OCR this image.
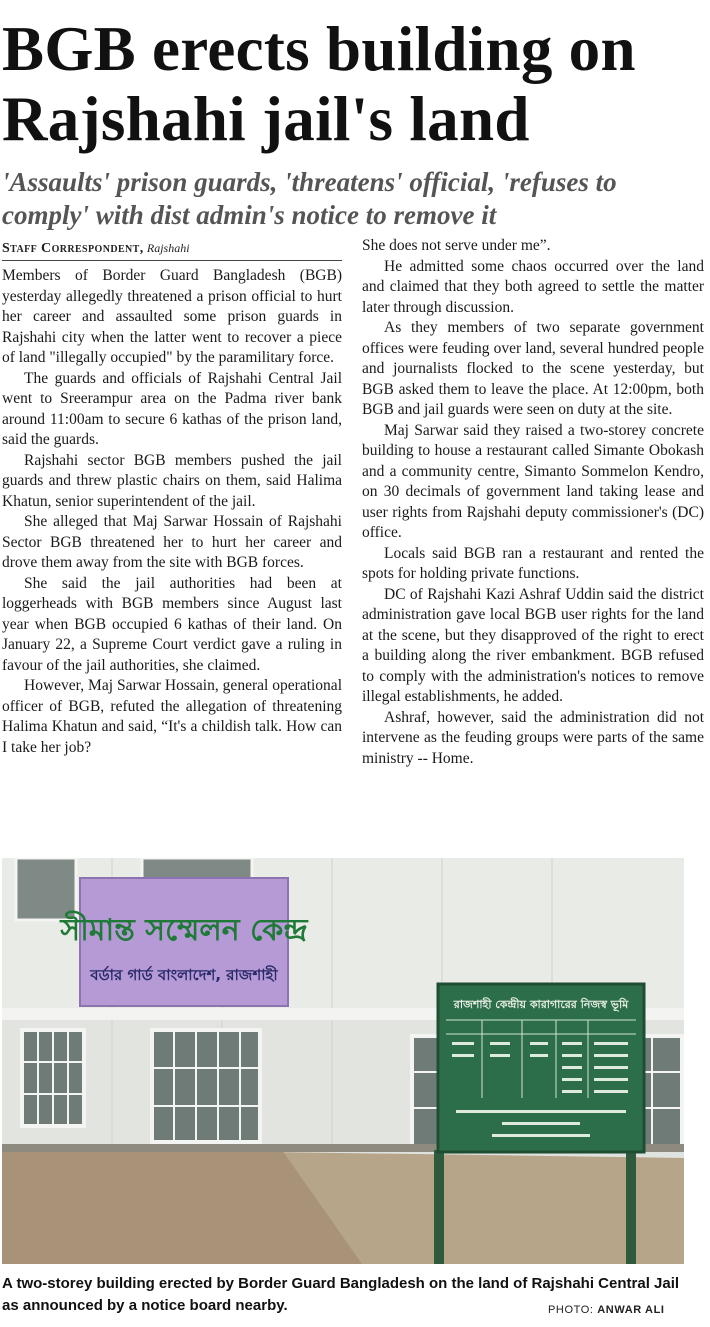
BGB erects building on Rajshahi jail's land
'Assaults' prison guards, 'threatens' official, 'refuses to comply' with dist admin's notice to remove it
Staff Correspondent, Rajshahi

Members of Border Guard Bangladesh (BGB) yesterday allegedly threatened a prison official to hurt her career and assaulted some prison guards in Rajshahi city when the latter went to recover a piece of land "illegally occupied" by the paramilitary force.

The guards and officials of Rajshahi Central Jail went to Sreerampur area on the Padma river bank around 11:00am to secure 6 kathas of the prison land, said the guards.

Rajshahi sector BGB members pushed the jail guards and threw plastic chairs on them, said Halima Khatun, senior superintendent of the jail.

She alleged that Maj Sarwar Hossain of Rajshahi Sector BGB threatened her to hurt her career and drove them away from the site with BGB forces.

She said the jail authorities had been at loggerheads with BGB members since August last year when BGB occupied 6 kathas of their land. On January 22, a Supreme Court verdict gave a ruling in favour of the jail authorities, she claimed.

However, Maj Sarwar Hossain, general operational officer of BGB, refuted the allegation of threatening Halima Khatun and said, “It's a childish talk. How can I take her job?

She does not serve under me”.

He admitted some chaos occurred over the land and claimed that they both agreed to settle the matter later through discussion.

As they members of two separate government offices were feuding over land, several hundred people and journalists flocked to the scene yesterday, but BGB asked them to leave the place. At 12:00pm, both BGB and jail guards were seen on duty at the site.

Maj Sarwar said they raised a two-storey concrete building to house a restaurant called Simante Obokash and a community centre, Simanto Sommelon Kendro, on 30 decimals of government land taking lease and user rights from Rajshahi deputy commissioner's (DC) office.

Locals said BGB ran a restaurant and rented the spots for holding private functions.

DC of Rajshahi Kazi Ashraf Uddin said the district administration gave local BGB user rights for the land at the scene, but they disapproved of the right to erect a building along the river embankment. BGB refused to comply with the administration's notices to remove illegal establishments, he added.

Ashraf, however, said the administration did not intervene as the feuding groups were parts of the same ministry -- Home.

সীমান্ত সম্মেলন কেন্দ্র
বর্ডার গার্ড বাংলাদেশ, রাজশাহী
রাজশাহী কেন্দ্রীয় কারাগারের নিজস্ব ভূমি

A two-storey building erected by Border Guard Bangladesh on the land of Rajshahi Central Jail as announced by a notice board nearby.	PHOTO: ANWAR ALI
